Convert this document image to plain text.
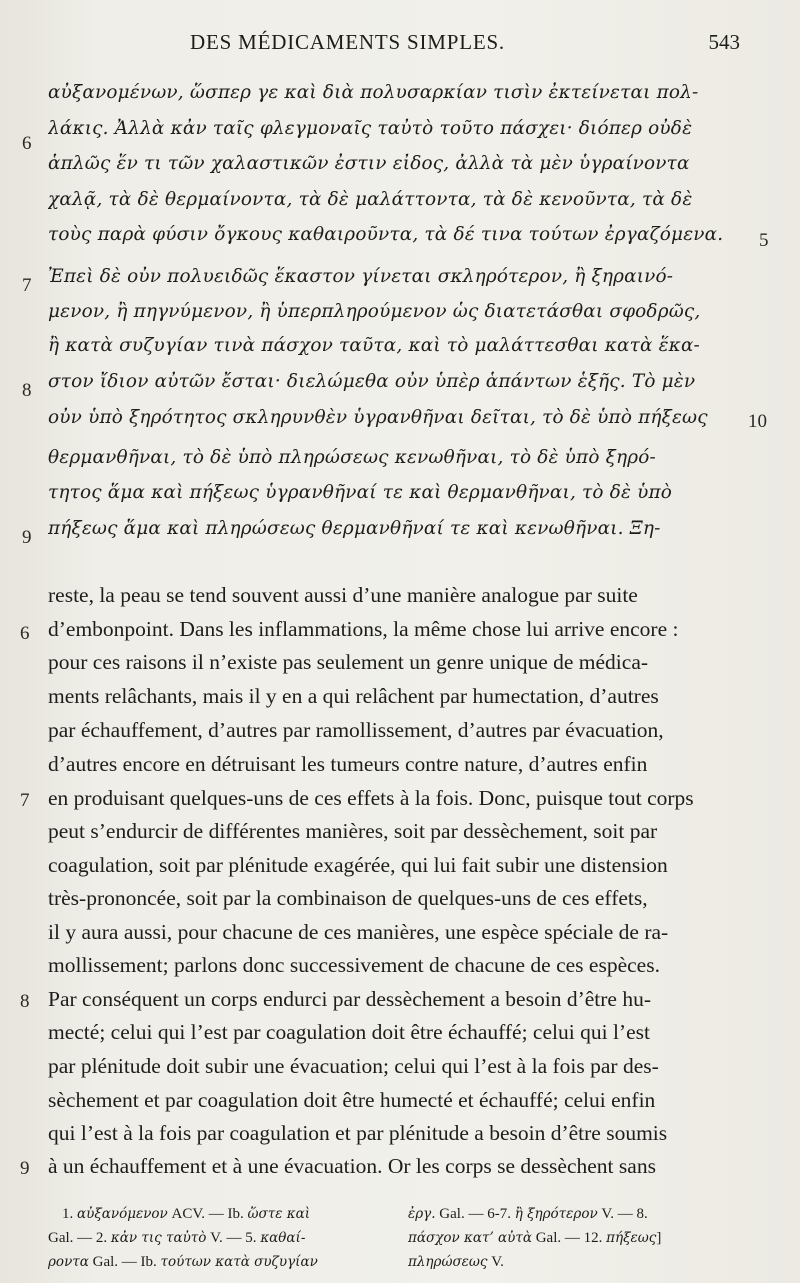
DES MÉDICAMENTS SIMPLES.	543
αὐξανομένων, ὥσπερ γε καὶ διὰ πολυσαρκίαν τισὶν ἐκτείνεται πολ-
λάκις. Ἀλλὰ κἀν ταῖς φλεγμοναῖς ταὐτὸ τοῦτο πάσχει· διόπερ οὐδὲ
ἁπλῶς ἕν τι τῶν χαλαστικῶν ἐστιν εἶδος, ἀλλὰ τὰ μὲν ὑγραίνοντα
χαλᾷ, τὰ δὲ θερμαίνοντα, τὰ δὲ μαλάττοντα, τὰ δὲ κενοῦντα, τὰ δὲ
τοὺς παρὰ φύσιν ὄγκους καθαιροῦντα, τὰ δέ τινα τούτων ἐργαζόμενα.
Ἐπεὶ δὲ οὖν πολυειδῶς ἕκαστον γίνεται σκληρότερον, ἢ ξηραινό-
μενον, ἢ πηγνύμενον, ἢ ὑπερπληρούμενον ὡς διατετάσθαι σφοδρῶς,
ἢ κατὰ συζυγίαν τινὰ πάσχον ταῦτα, καὶ τὸ μαλάττεσθαι κατὰ ἕκα-
στον ἴδιον αὐτῶν ἔσται· διελώμεθα οὖν ὑπὲρ ἁπάντων ἑξῆς. Τὸ μὲν
οὖν ὑπὸ ξηρότητος σκληρυνθὲν ὑγρανθῆναι δεῖται, τὸ δὲ ὑπὸ πήξεως
θερμανθῆναι, τὸ δὲ ὑπὸ πληρώσεως κενωθῆναι, τὸ δὲ ὑπὸ ξηρό-
τητος ἅμα καὶ πήξεως ὑγρανθῆναί τε καὶ θερμανθῆναι, τὸ δὲ ὑπὸ
πήξεως ἅμα καὶ πληρώσεως θερμανθῆναί τε καὶ κενωθῆναι. Ξη-
6
5
7
8
10
9
reste, la peau se tend souvent aussi d’une manière analogue par suite
d’embonpoint. Dans les inflammations, la même chose lui arrive encore :
pour ces raisons il n’existe pas seulement un genre unique de médica-
ments relâchants, mais il y en a qui relâchent par humectation, d’autres
par échauffement, d’autres par ramollissement, d’autres par évacuation,
d’autres encore en détruisant les tumeurs contre nature, d’autres enfin
en produisant quelques-uns de ces effets à la fois. Donc, puisque tout corps
peut s’endurcir de différentes manières, soit par dessèchement, soit par
coagulation, soit par plénitude exagérée, qui lui fait subir une distension
très-prononcée, soit par la combinaison de quelques-uns de ces effets,
il y aura aussi, pour chacune de ces manières, une espèce spéciale de ra-
mollissement; parlons donc successivement de chacune de ces espèces.
Par conséquent un corps endurci par dessèchement a besoin d’être hu-
mecté; celui qui l’est par coagulation doit être échauffé; celui qui l’est
par plénitude doit subir une évacuation; celui qui l’est à la fois par des-
sèchement et par coagulation doit être humecté et échauffé; celui enfin
qui l’est à la fois par coagulation et par plénitude a besoin d’être soumis
à un échauffement et à une évacuation. Or les corps se dessèchent sans
6
7
8
9
1. αὐξανόμενον ACV. — Ib. ὥστε καὶ
Gal. — 2. κἀν τις ταὐτὸ V. — 5. καθαί-
ροντα Gal. — Ib. τούτων κατὰ συζυγίαν
ἐργ. Gal. — 6-7. ἢ ξηρότερον V. — 8.
πάσχον κατ’ αὐτὰ Gal. — 12. πήξεως]
πληρώσεως V.
